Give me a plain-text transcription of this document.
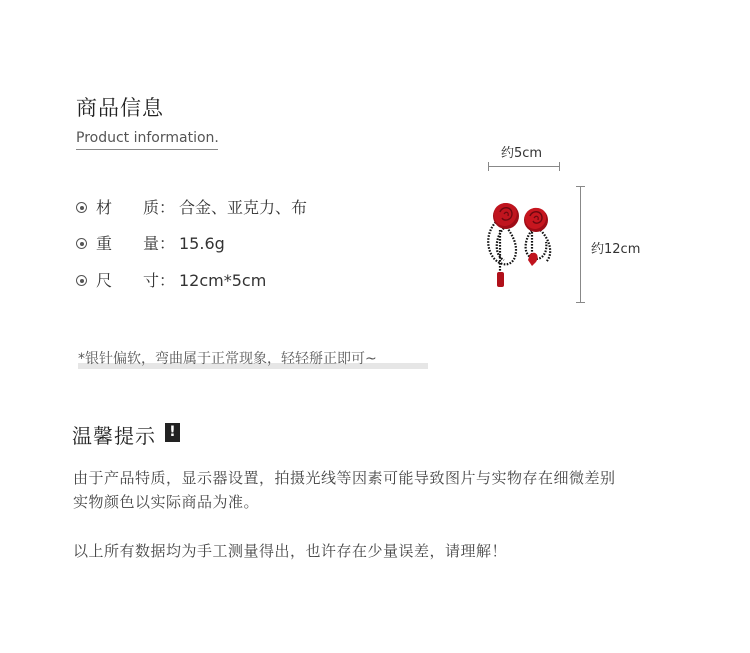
商品信息
Product information.
材 质： 合金、亚克力、布
重 量： 15.6g
尺 寸： 12cm*5cm
*银针偏软，弯曲属于正常现象，轻轻掰正即可~
约5cm
约12cm
温馨提示 !
由于产品特质，显示器设置，拍摄光线等因素可能导致图片与实物存在细微差别
实物颜色以实际商品为准。
以上所有数据均为手工测量得出，也许存在少量误差，请理解！
